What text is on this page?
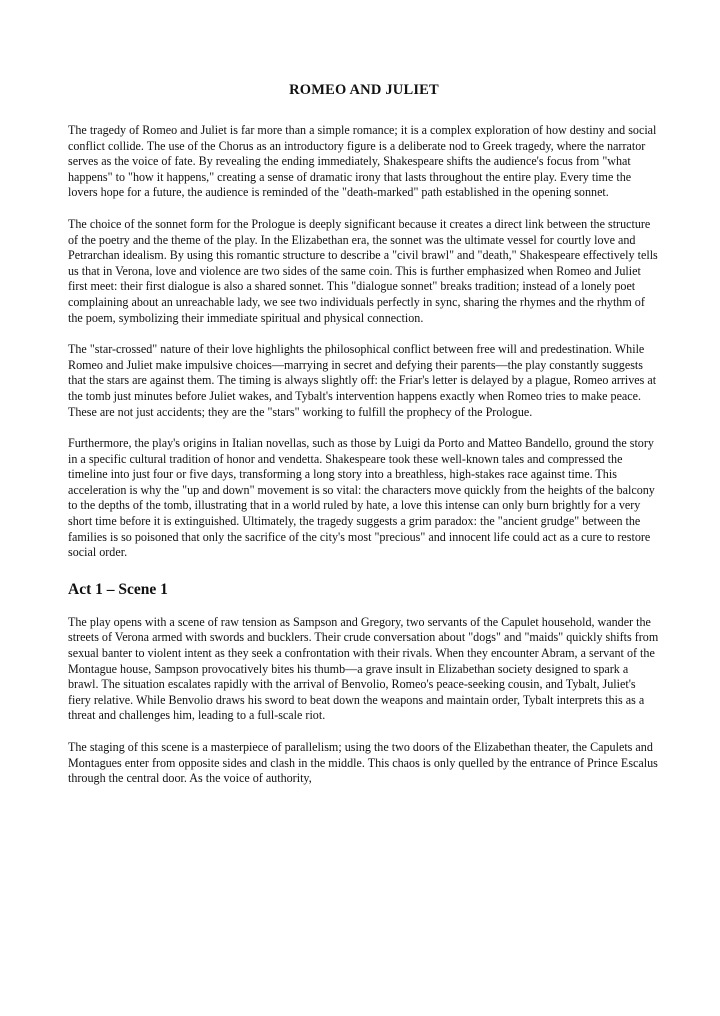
ROMEO AND JULIET

The tragedy of Romeo and Juliet is far more than a simple romance; it is a complex exploration of how destiny and social conflict collide. The use of the Chorus as an introductory figure is a deliberate nod to Greek tragedy, where the narrator serves as the voice of fate. By revealing the ending immediately, Shakespeare shifts the audience's focus from "what happens" to "how it happens," creating a sense of dramatic irony that lasts throughout the entire play. Every time the lovers hope for a future, the audience is reminded of the "death-marked" path established in the opening sonnet.

The choice of the sonnet form for the Prologue is deeply significant because it creates a direct link between the structure of the poetry and the theme of the play. In the Elizabethan era, the sonnet was the ultimate vessel for courtly love and Petrarchan idealism. By using this romantic structure to describe a "civil brawl" and "death," Shakespeare effectively tells us that in Verona, love and violence are two sides of the same coin. This is further emphasized when Romeo and Juliet first meet: their first dialogue is also a shared sonnet. This "dialogue sonnet" breaks tradition; instead of a lonely poet complaining about an unreachable lady, we see two individuals perfectly in sync, sharing the rhymes and the rhythm of the poem, symbolizing their immediate spiritual and physical connection.

The "star-crossed" nature of their love highlights the philosophical conflict between free will and predestination. While Romeo and Juliet make impulsive choices—marrying in secret and defying their parents—the play constantly suggests that the stars are against them. The timing is always slightly off: the Friar's letter is delayed by a plague, Romeo arrives at the tomb just minutes before Juliet wakes, and Tybalt's intervention happens exactly when Romeo tries to make peace. These are not just accidents; they are the "stars" working to fulfill the prophecy of the Prologue.

Furthermore, the play's origins in Italian novellas, such as those by Luigi da Porto and Matteo Bandello, ground the story in a specific cultural tradition of honor and vendetta. Shakespeare took these well-known tales and compressed the timeline into just four or five days, transforming a long story into a breathless, high-stakes race against time. This acceleration is why the "up and down" movement is so vital: the characters move quickly from the heights of the balcony to the depths of the tomb, illustrating that in a world ruled by hate, a love this intense can only burn brightly for a very short time before it is extinguished. Ultimately, the tragedy suggests a grim paradox: the "ancient grudge" between the families is so poisoned that only the sacrifice of the city's most "precious" and innocent life could act as a cure to restore social order.

Act 1 – Scene 1

The play opens with a scene of raw tension as Sampson and Gregory, two servants of the Capulet household, wander the streets of Verona armed with swords and bucklers. Their crude conversation about "dogs" and "maids" quickly shifts from sexual banter to violent intent as they seek a confrontation with their rivals. When they encounter Abram, a servant of the Montague house, Sampson provocatively bites his thumb—a grave insult in Elizabethan society designed to spark a brawl. The situation escalates rapidly with the arrival of Benvolio, Romeo's peace-seeking cousin, and Tybalt, Juliet's fiery relative. While Benvolio draws his sword to beat down the weapons and maintain order, Tybalt interprets this as a threat and challenges him, leading to a full-scale riot.

The staging of this scene is a masterpiece of parallelism; using the two doors of the Elizabethan theater, the Capulets and Montagues enter from opposite sides and clash in the middle. This chaos is only quelled by the entrance of Prince Escalus through the central door. As the voice of authority,
